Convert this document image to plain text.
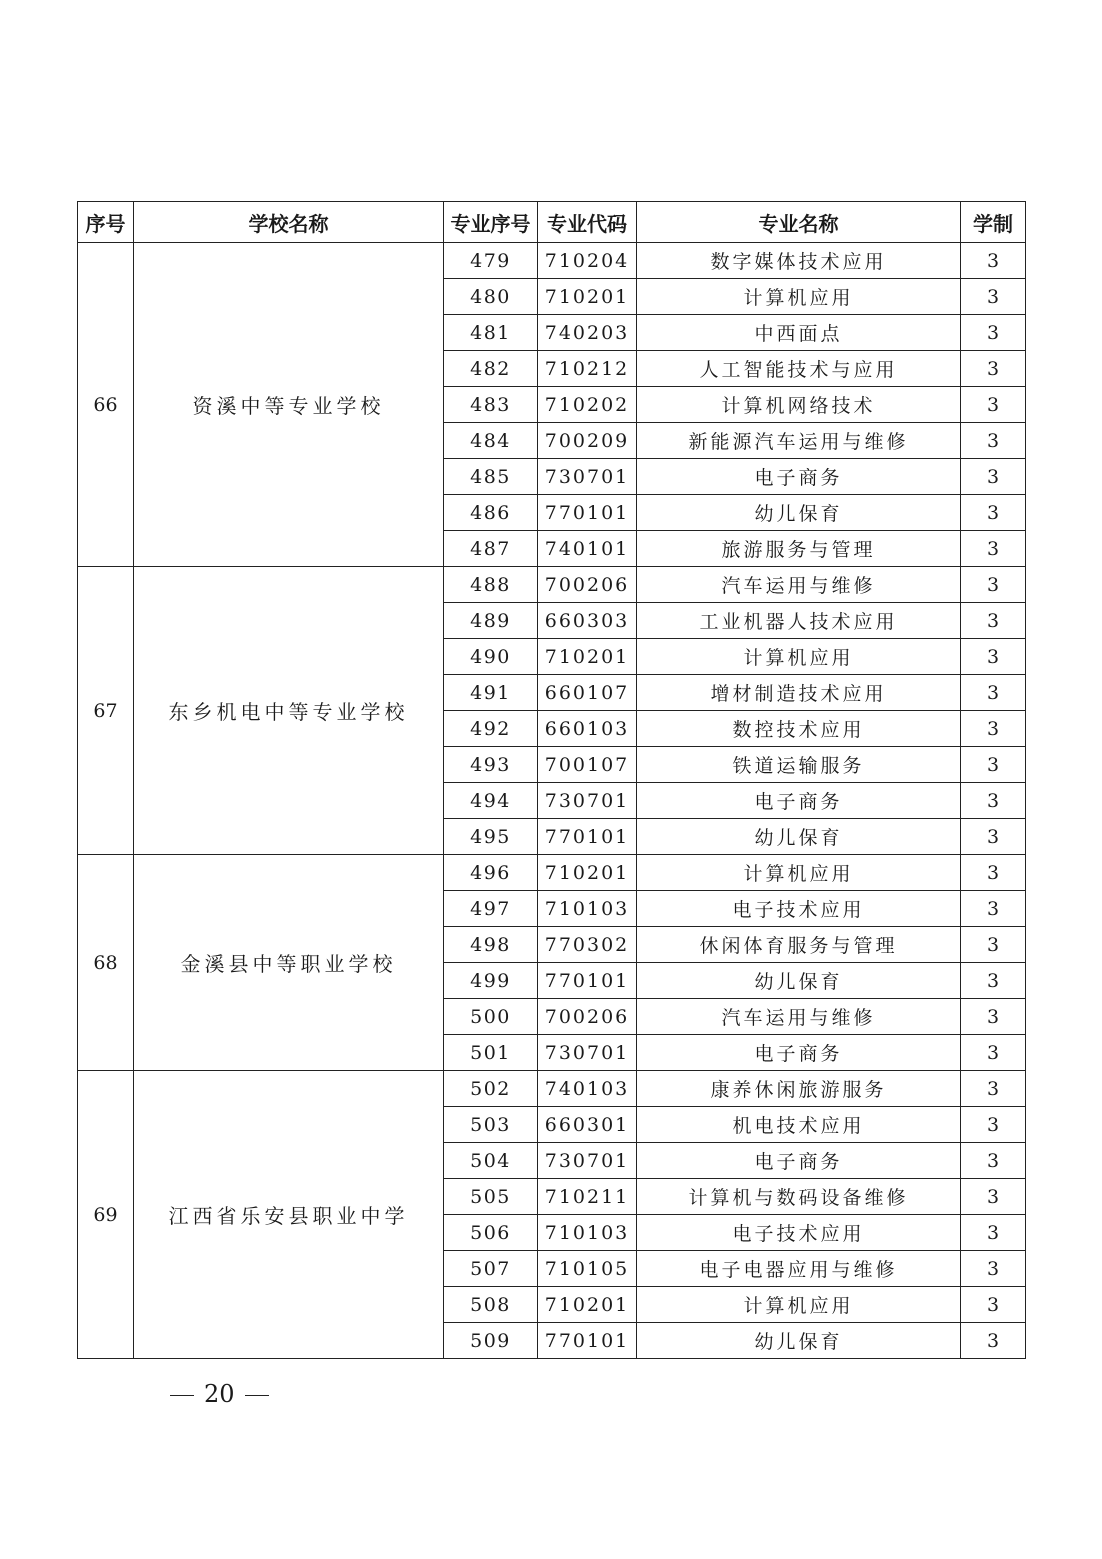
序号	学校名称	专业序号	专业代码	专业名称	学制
66	资溪中等专业学校	479	710204	数字媒体技术应用	3
		480	710201	计算机应用	3
		481	740203	中西面点	3
		482	710212	人工智能技术与应用	3
		483	710202	计算机网络技术	3
		484	700209	新能源汽车运用与维修	3
		485	730701	电子商务	3
		486	770101	幼儿保育	3
		487	740101	旅游服务与管理	3
67	东乡机电中等专业学校	488	700206	汽车运用与维修	3
		489	660303	工业机器人技术应用	3
		490	710201	计算机应用	3
		491	660107	增材制造技术应用	3
		492	660103	数控技术应用	3
		493	700107	铁道运输服务	3
		494	730701	电子商务	3
		495	770101	幼儿保育	3
68	金溪县中等职业学校	496	710201	计算机应用	3
		497	710103	电子技术应用	3
		498	770302	休闲体育服务与管理	3
		499	770101	幼儿保育	3
		500	700206	汽车运用与维修	3
		501	730701	电子商务	3
69	江西省乐安县职业中学	502	740103	康养休闲旅游服务	3
		503	660301	机电技术应用	3
		504	730701	电子商务	3
		505	710211	计算机与数码设备维修	3
		506	710103	电子技术应用	3
		507	710105	电子电器应用与维修	3
		508	710201	计算机应用	3
		509	770101	幼儿保育	3
20
